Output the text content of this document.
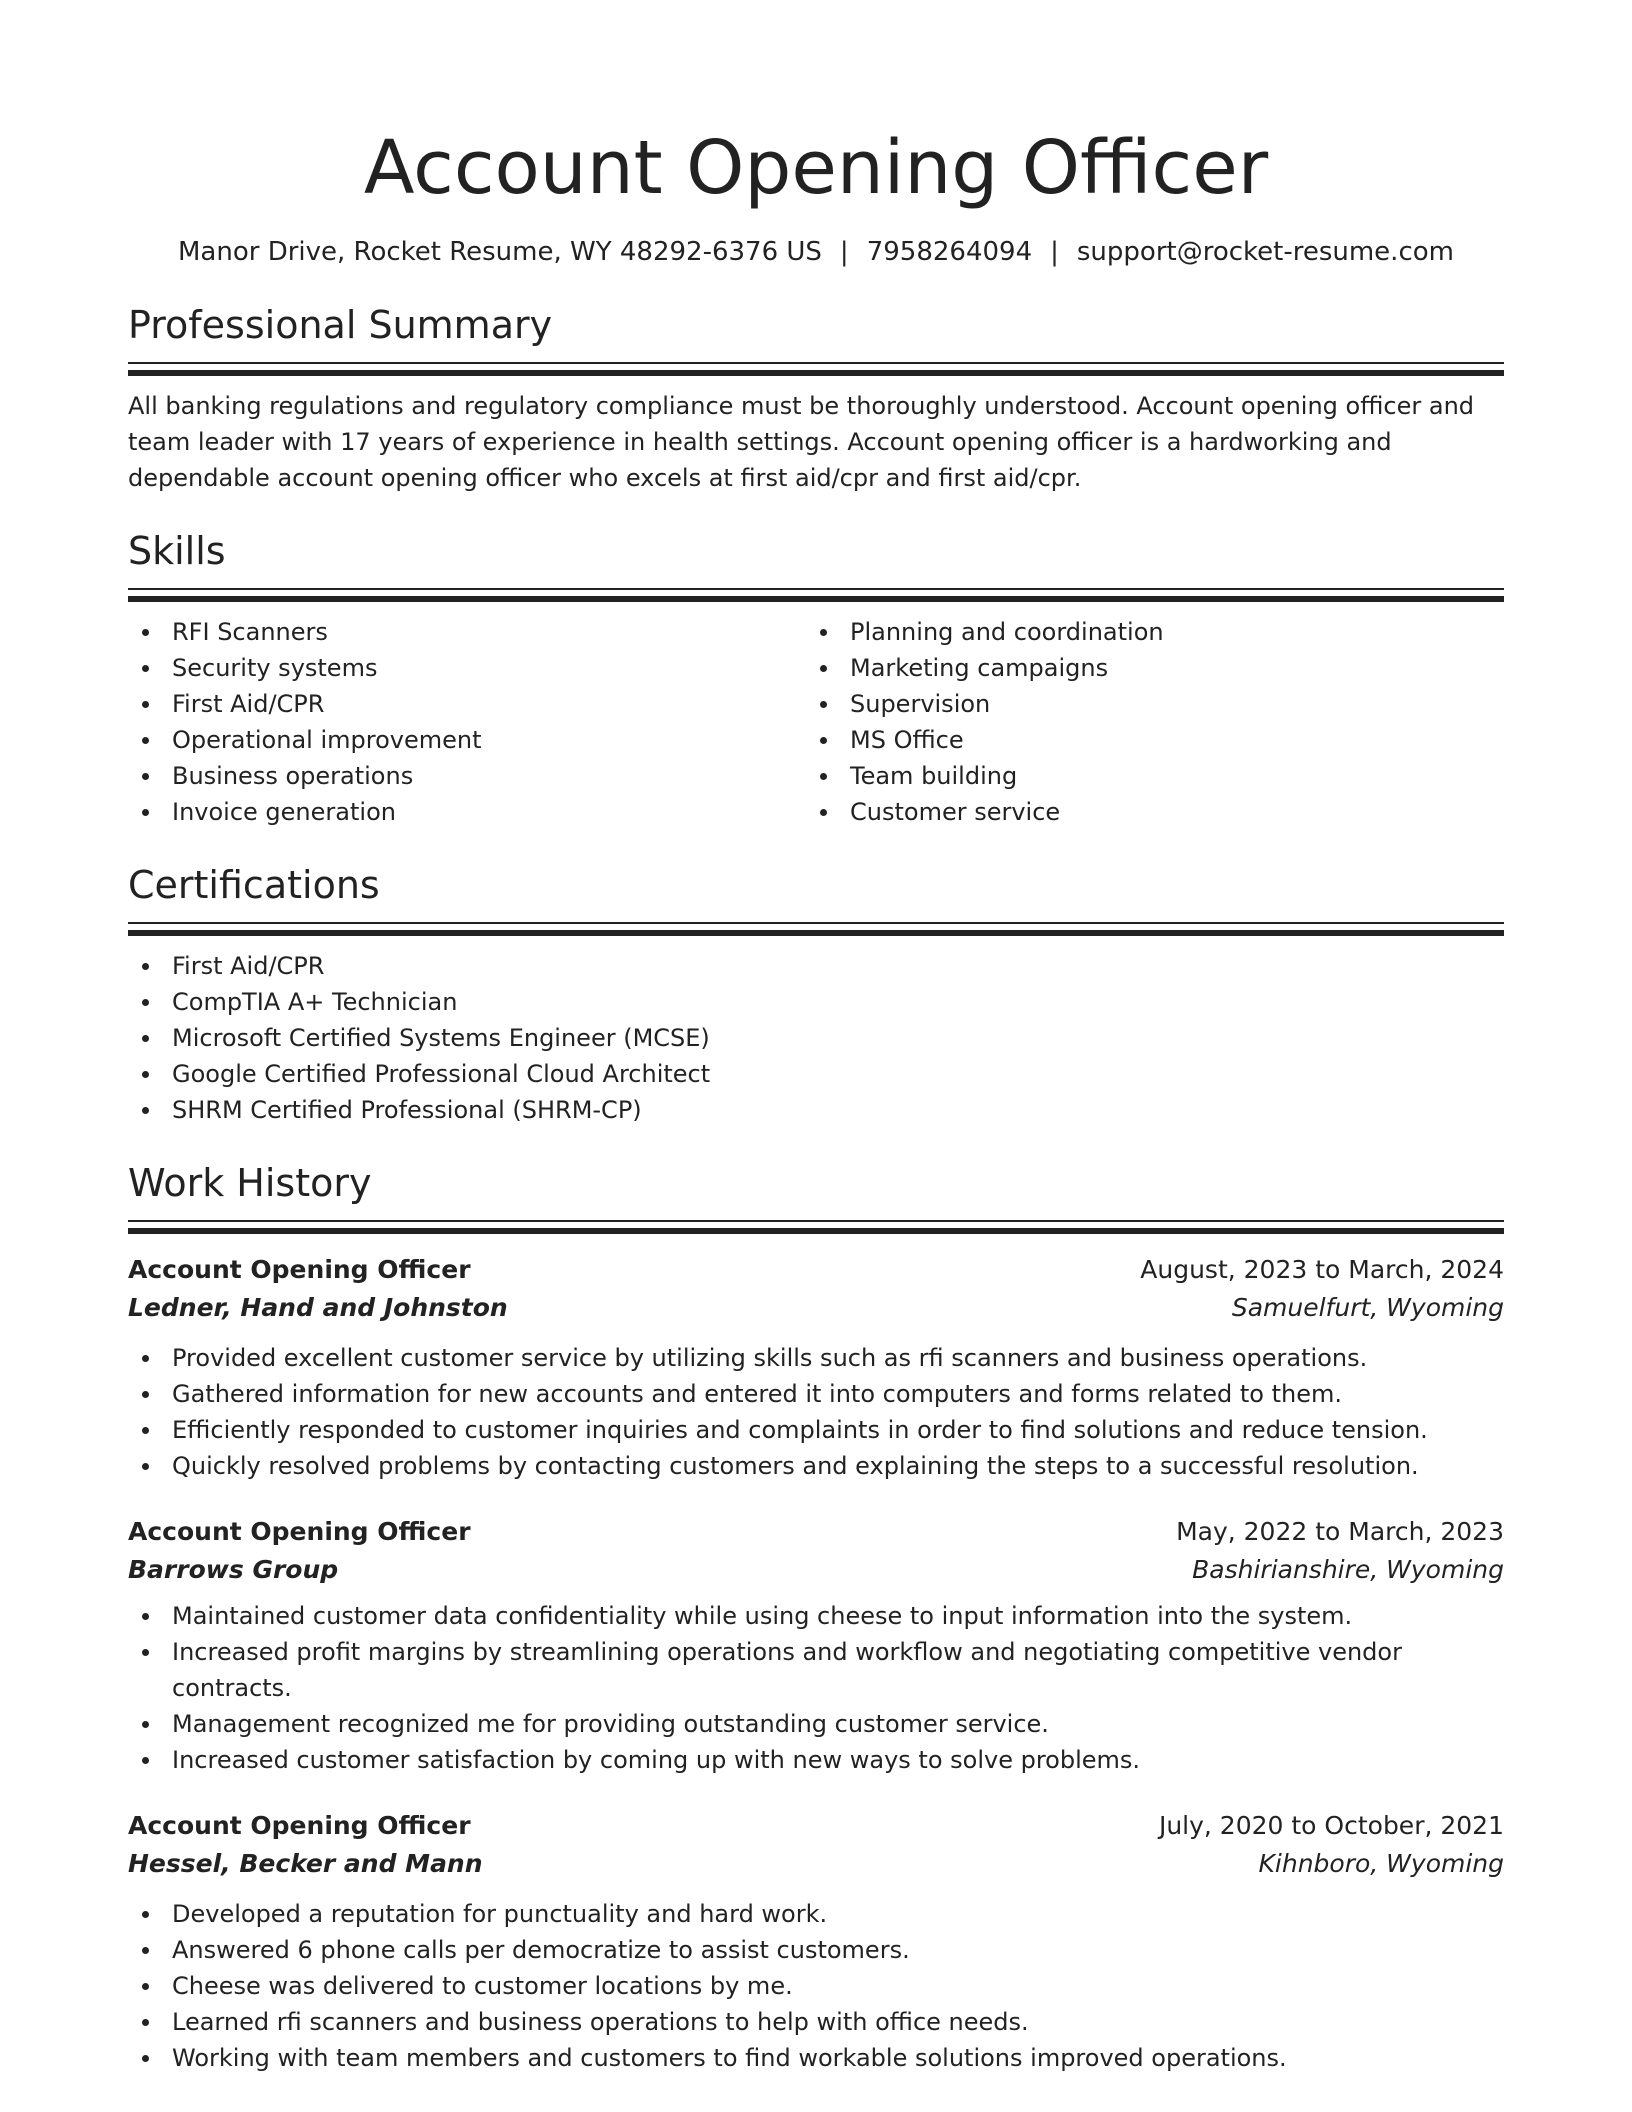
Account Opening Officer
Manor Drive, Rocket Resume, WY 48292-6376 US | 7958264094 | support@rocket-resume.com
Professional Summary

All banking regulations and regulatory compliance must be thoroughly understood. Account opening officer and team leader with 17 years of experience in health settings. Account opening officer is a hardworking and dependable account opening officer who excels at first aid/cpr and first aid/cpr.

Skills
RFI Scanners
Security systems
First Aid/CPR
Operational improvement
Business operations
Invoice generation
Planning and coordination
Marketing campaigns
Supervision
MS Office
Team building
Customer service
Certifications
First Aid/CPR
CompTIA A+ Technician
Microsoft Certified Systems Engineer (MCSE)
Google Certified Professional Cloud Architect
SHRM Certified Professional (SHRM-CP)
Work History
Account Opening Officer	August, 2023 to March, 2024
Ledner, Hand and Johnston	Samuelfurt, Wyoming
Provided excellent customer service by utilizing skills such as rfi scanners and business operations.
Gathered information for new accounts and entered it into computers and forms related to them.
Efficiently responded to customer inquiries and complaints in order to find solutions and reduce tension.
Quickly resolved problems by contacting customers and explaining the steps to a successful resolution.
Account Opening Officer	May, 2022 to March, 2023
Barrows Group	Bashirianshire, Wyoming
Maintained customer data confidentiality while using cheese to input information into the system.
Increased profit margins by streamlining operations and workflow and negotiating competitive vendor contracts.
Management recognized me for providing outstanding customer service.
Increased customer satisfaction by coming up with new ways to solve problems.
Account Opening Officer	July, 2020 to October, 2021
Hessel, Becker and Mann	Kihnboro, Wyoming
Developed a reputation for punctuality and hard work.
Answered 6 phone calls per democratize to assist customers.
Cheese was delivered to customer locations by me.
Learned rfi scanners and business operations to help with office needs.
Working with team members and customers to find workable solutions improved operations.
